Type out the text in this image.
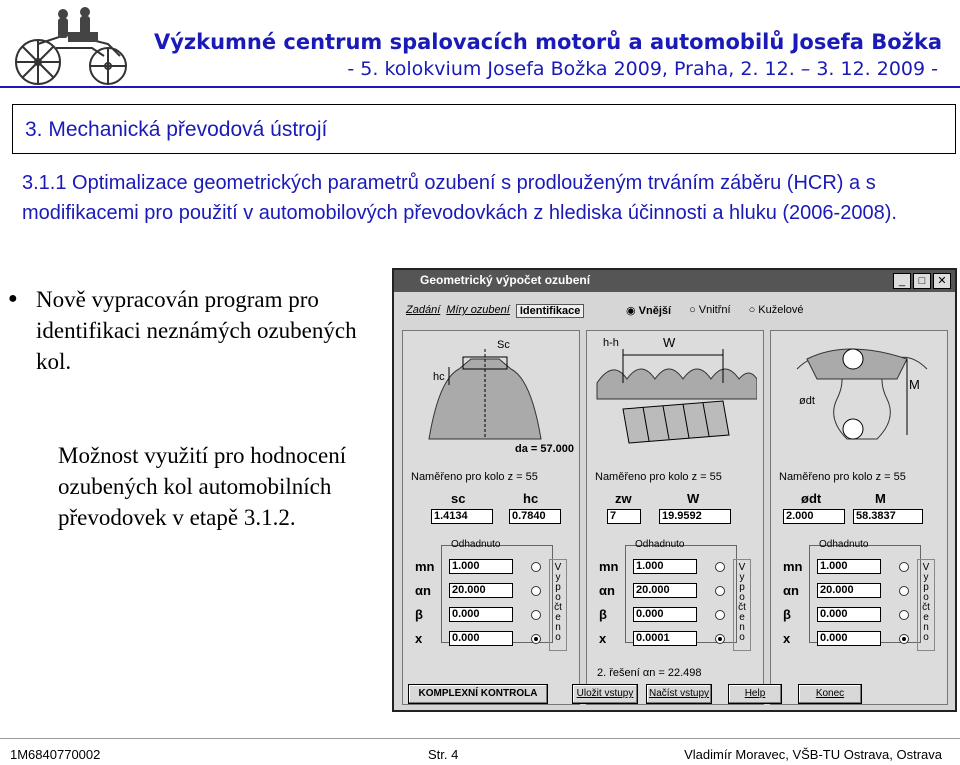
Výzkumné centrum spalovacích motorů a automobilů Josefa Božka
- 5. kolokvium Josefa Božka 2009, Praha, 2. 12. – 3. 12. 2009 -
3. Mechanická převodová ústrojí
3.1.1 Optimalizace geometrických parametrů ozubení s prodlouženým trváním záběru (HCR) a s modifikacemi pro použití v automobilových převodovkách z hlediska účinnosti a hluku (2006-2008).
● Nově vypracován program pro identifikaci neznámých ozubených kol.
Možnost využití pro hodnocení ozubených kol automobilních převodovek v etapě 3.1.2.
Geometrický výpočet ozubení	_	□	✕
Zadání Míry ozubení Identifikace	◉ Vnější ○ Vnitřní ○ Kuželové
Sc
hc
da = 57.000
Naměřeno pro kolo z = 55
sc	hc
1.4134	0.7840
Odhadnuto
Vypočteno
mn 1.000
αn 20.000
β	0.000
x	0.000
h-h	W
Naměřeno pro kolo z = 55
zw	W
7	19.9592
Odhadnuto
Vypočteno
mn 1.000
αn 20.000
β	0.000
x	0.0001
2. řešení αn = 22.498
M
ødt
Naměřeno pro kolo z = 55
ødt	M
2.000	58.3837
Odhadnuto
Vypočteno
mn 1.000
αn 20.000
β	0.000
x	0.000
KOMPLEXNÍ KONTROLA	Uložit vstupy	Načíst vstupy	Help	Konec
1M6840770002	Str. 4	Vladimír Moravec, VŠB-TU Ostrava, Ostrava
